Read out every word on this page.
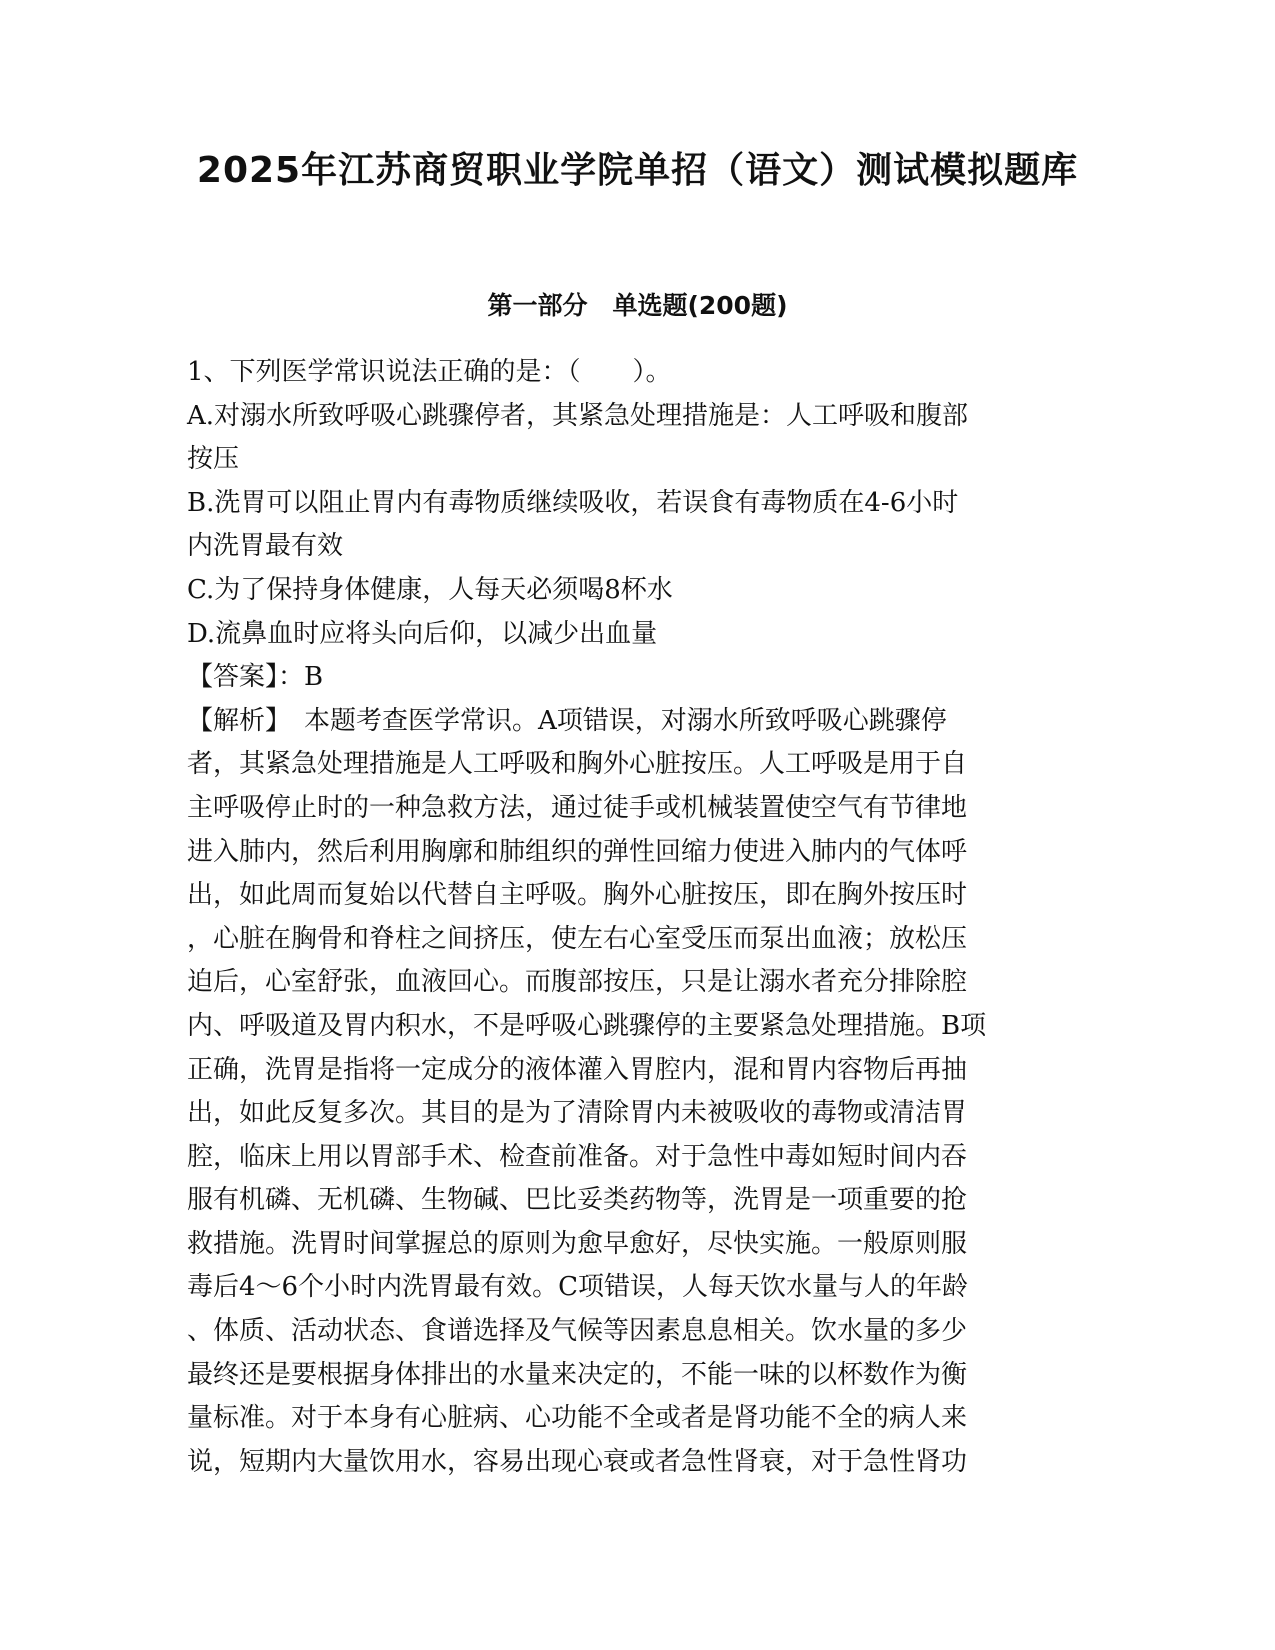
2025年江苏商贸职业学院单招（语文）测试模拟题库
第一部分　单选题(200题)
1、下列医学常识说法正确的是：（　　）。
A.对溺水所致呼吸心跳骤停者，其紧急处理措施是：人工呼吸和腹部
按压
B.洗胃可以阻止胃内有毒物质继续吸收，若误食有毒物质在4-6小时
内洗胃最有效
C.为了保持身体健康，人每天必须喝8杯水
D.流鼻血时应将头向后仰，以减少出血量
【答案】：B
【解析】　本题考查医学常识。A项错误，对溺水所致呼吸心跳骤停
者，其紧急处理措施是人工呼吸和胸外心脏按压。人工呼吸是用于自
主呼吸停止时的一种急救方法，通过徒手或机械装置使空气有节律地
进入肺内，然后利用胸廓和肺组织的弹性回缩力使进入肺内的气体呼
出，如此周而复始以代替自主呼吸。胸外心脏按压，即在胸外按压时
，心脏在胸骨和脊柱之间挤压，使左右心室受压而泵出血液；放松压
迫后，心室舒张，血液回心。而腹部按压，只是让溺水者充分排除腔
内、呼吸道及胃内积水，不是呼吸心跳骤停的主要紧急处理措施。B项
正确，洗胃是指将一定成分的液体灌入胃腔内，混和胃内容物后再抽
出，如此反复多次。其目的是为了清除胃内未被吸收的毒物或清洁胃
腔，临床上用以胃部手术、检查前准备。对于急性中毒如短时间内吞
服有机磷、无机磷、生物碱、巴比妥类药物等，洗胃是一项重要的抢
救措施。洗胃时间掌握总的原则为愈早愈好，尽快实施。一般原则服
毒后4～6个小时内洗胃最有效。C项错误，人每天饮水量与人的年龄
、体质、活动状态、食谱选择及气候等因素息息相关。饮水量的多少
最终还是要根据身体排出的水量来决定的，不能一味的以杯数作为衡
量标准。对于本身有心脏病、心功能不全或者是肾功能不全的病人来
说，短期内大量饮用水，容易出现心衰或者急性肾衰，对于急性肾功
